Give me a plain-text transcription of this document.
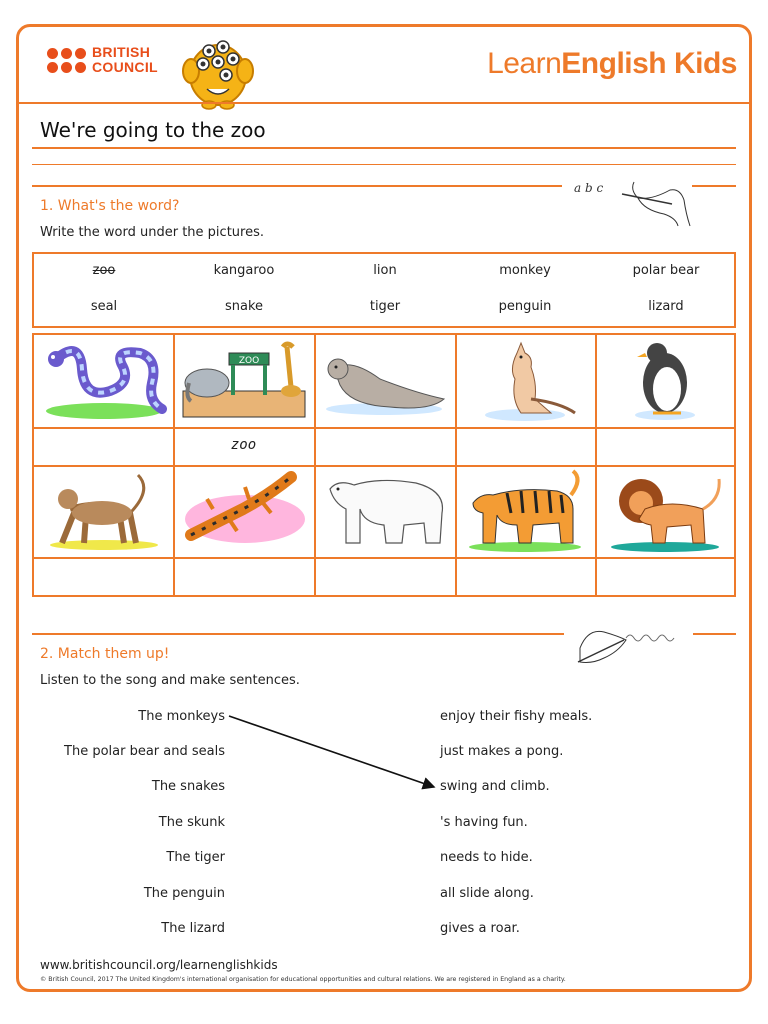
BRITISH
COUNCIL	LearnEnglish Kids
We're going to the zoo
a b c
1. What's the word?
Write the word under the pictures.
zoo	kangaroo	lion	monkey	polar bear
seal	snake	tiger	penguin	lizard
ZOO
zoo
2. Match them up!
Listen to the song and make sentences.
The monkeys
The polar bear and seals
The snakes
The skunk
The tiger
The penguin
The lizard
enjoy their fishy meals.
just makes a pong.
swing and climb.
's having fun.
needs to hide.
all slide along.
gives a roar.
www.britishcouncil.org/learnenglishkids
© British Council, 2017 The United Kingdom's international organisation for educational opportunities and cultural relations. We are registered in England as a charity.
